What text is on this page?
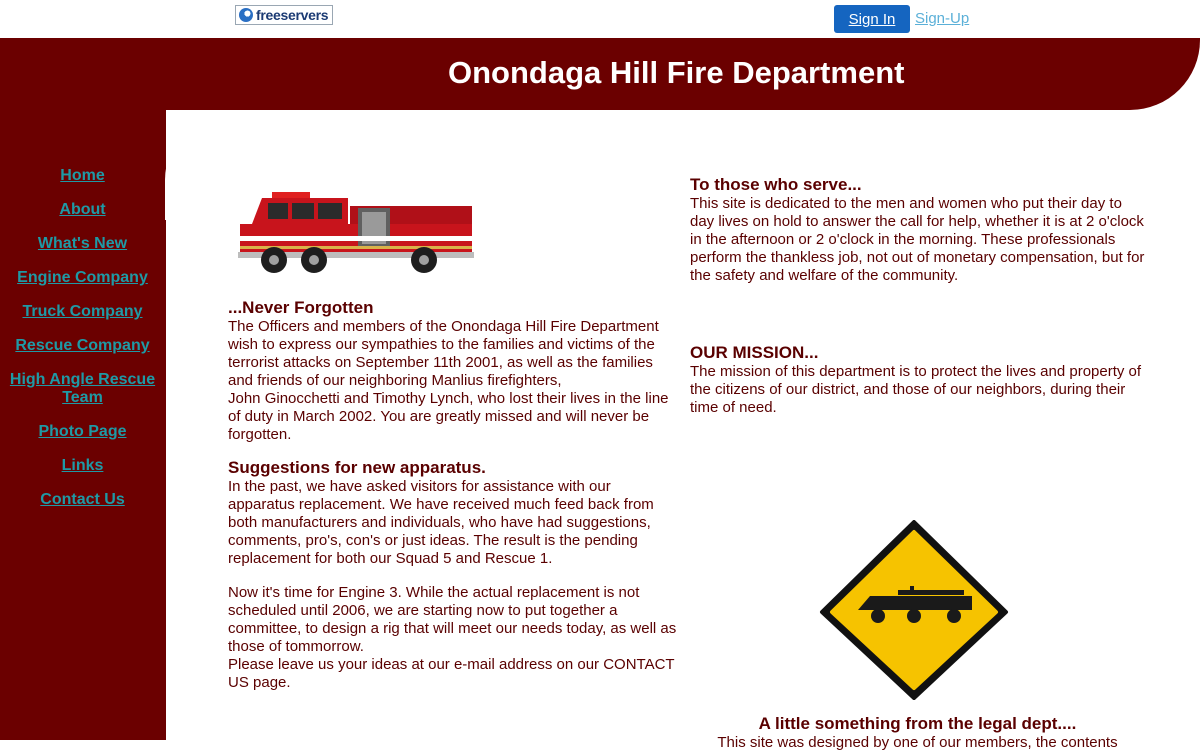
freeservers	Sign In	Sign-Up
Onondaga Hill Fire Department
Home
About
What's New
Engine Company
Truck Company
Rescue Company
High Angle Rescue Team
Photo Page
Links
Contact Us
...Never Forgotten

The Officers and members of the Onondaga Hill Fire Department wish to express our sympathies to the families and victims of the terrorist attacks on September 11th 2001, as well as the families and friends of our neighboring Manlius firefighters,

John Ginocchetti and Timothy Lynch, who lost their lives in the line of duty in March 2002. You are greatly missed and will never be forgotten.

Suggestions for new apparatus.

In the past, we have asked visitors for assistance with our apparatus replacement. We have received much feed back from both manufacturers and individuals, who have had suggestions, comments, pro's, con's or just ideas. The result is the pending replacement for both our Squad 5 and Rescue 1.

Now it's time for Engine 3. While the actual replacement is not scheduled until 2006, we are starting now to put together a committee, to design a rig that will meet our needs today, as well as those of tommorrow.

Please leave us your ideas at our e-mail address on our CONTACT US page.

To those who serve...

This site is dedicated to the men and women who put their day to day lives on hold to answer the call for help, whether it is at 2 o'clock in the afternoon or 2 o'clock in the morning. These professionals perform the thankless job, not out of monetary compensation, but for the safety and welfare of the community.

OUR MISSION...

The mission of this department is to protect the lives and property of the citizens of our district, and those of our neighbors, during their time of need.

A little something from the legal dept....
This site was designed by one of our members, the contents
